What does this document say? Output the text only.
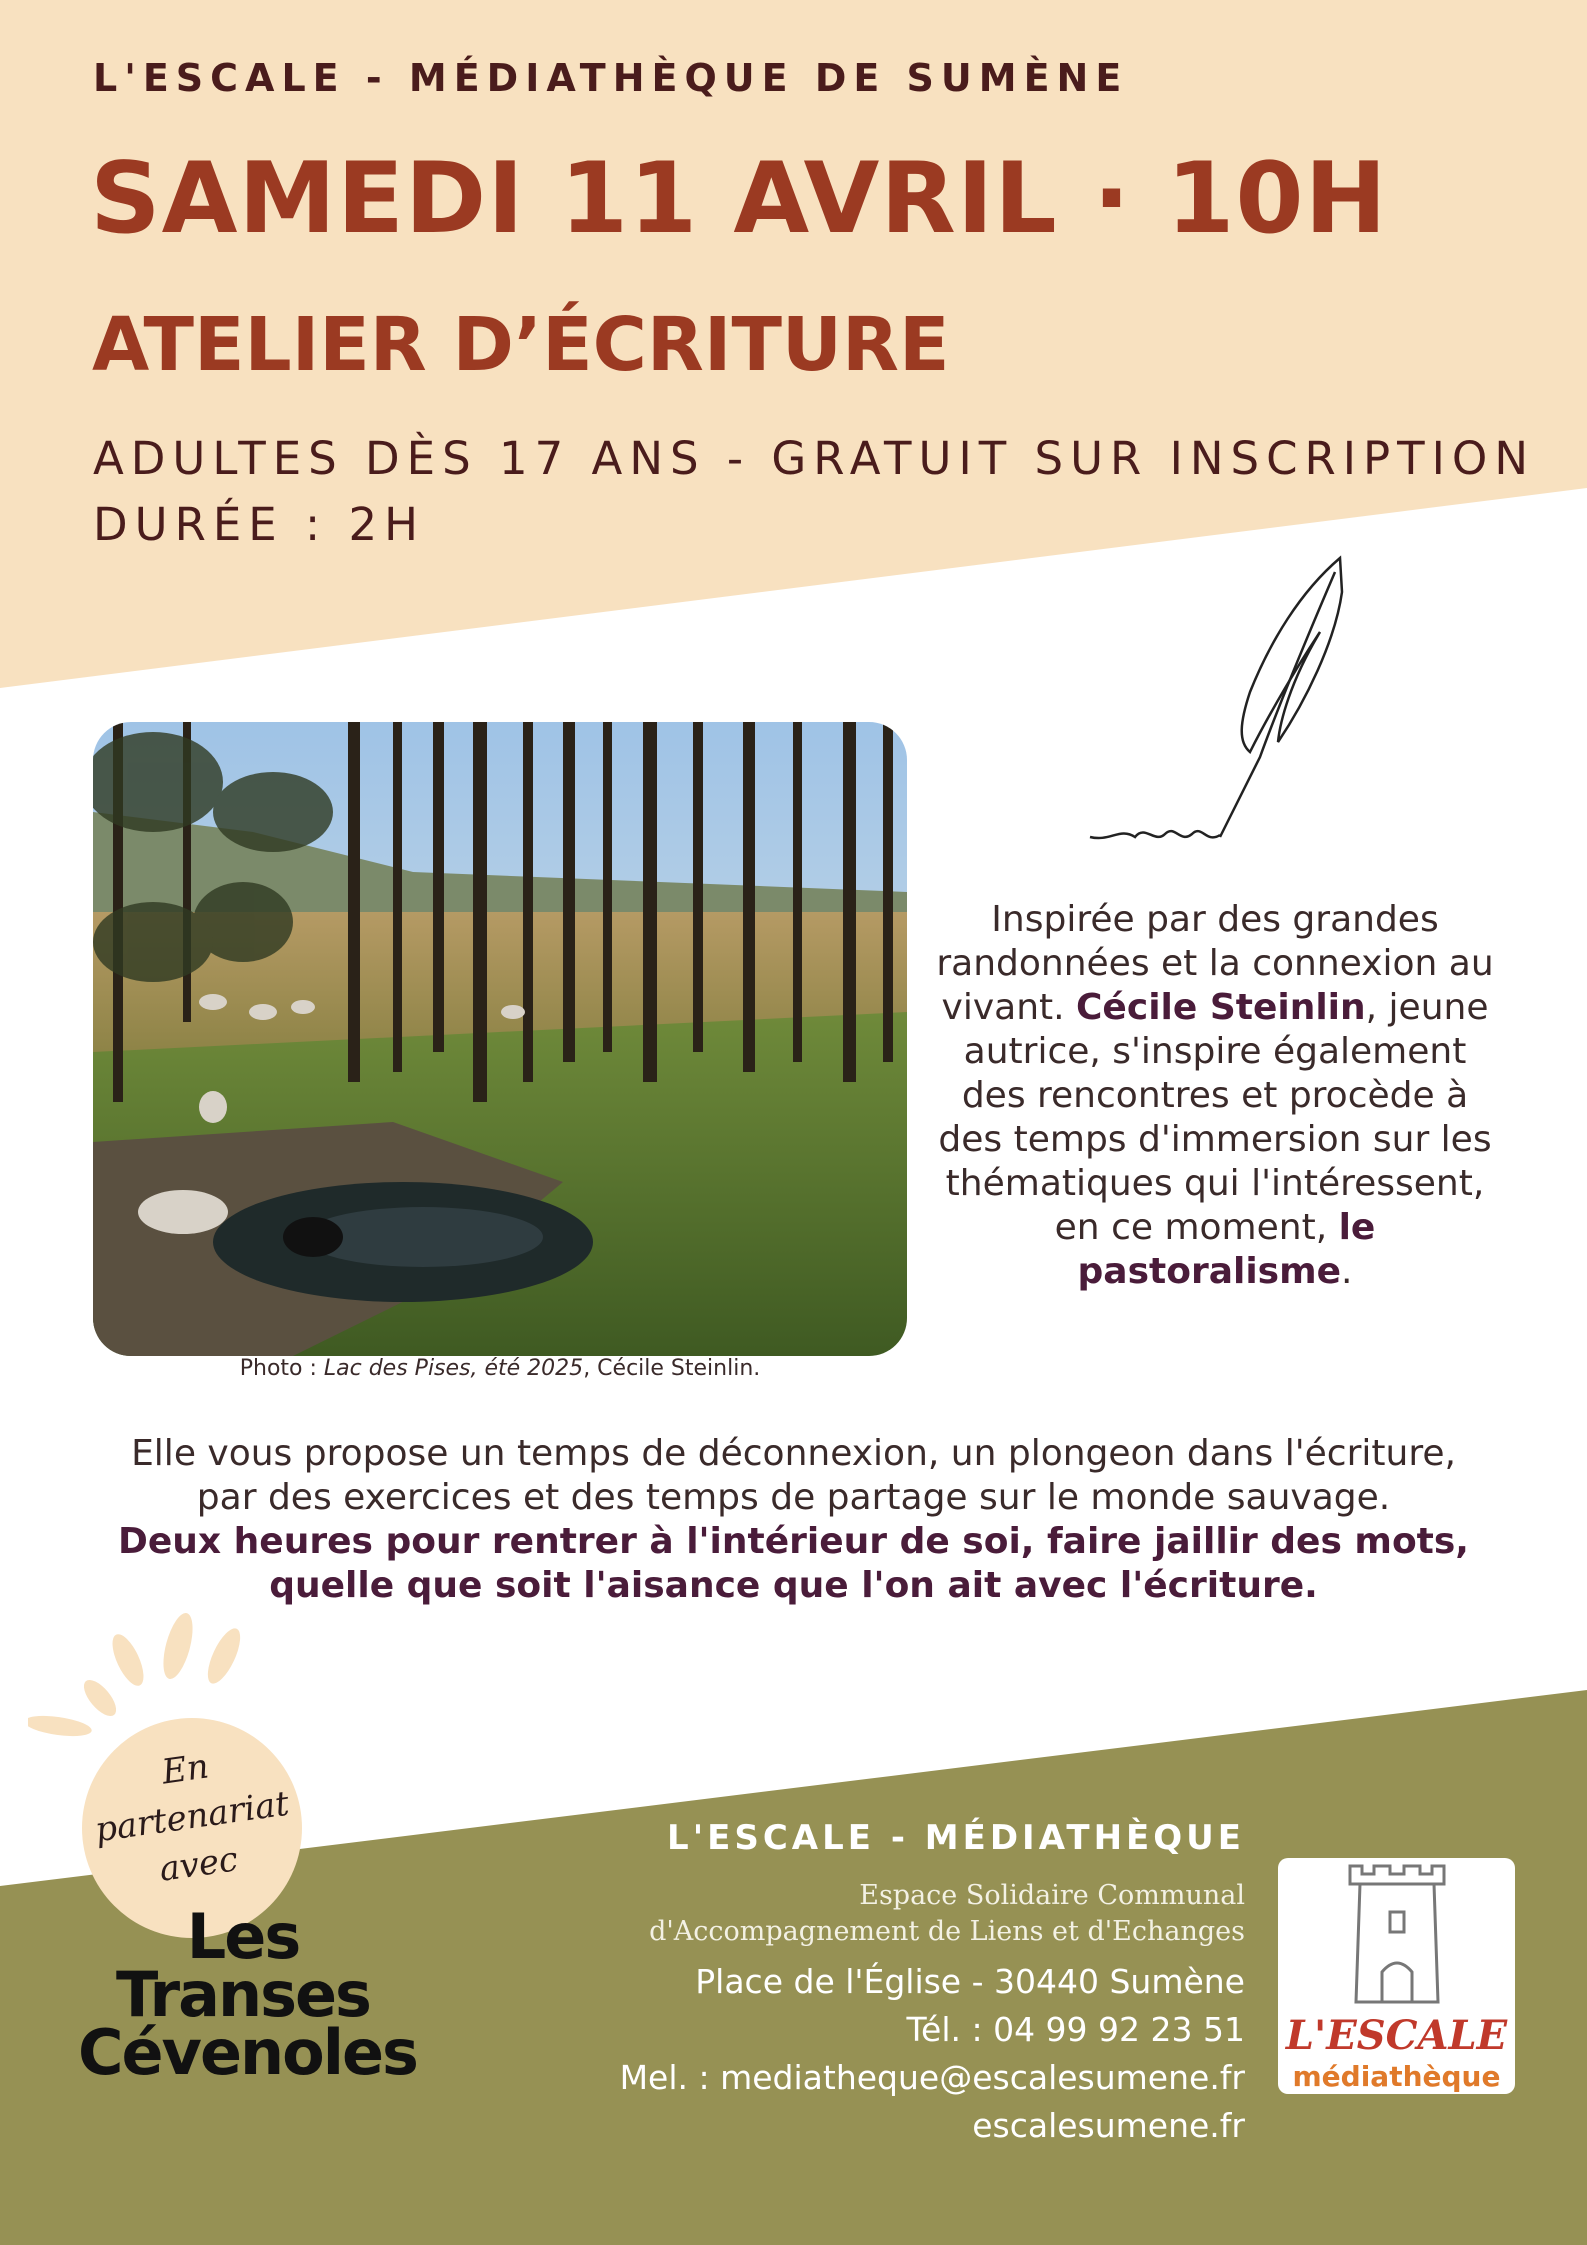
L'ESCALE - MÉDIATHÈQUE DE SUMÈNE
SAMEDI 11 AVRIL · 10H
ATELIER D’ÉCRITURE
ADULTES DÈS 17 ANS - GRATUIT SUR INSCRIPTION
DURÉE : 2H
Photo : Lac des Pises, été 2025, Cécile Steinlin.
Inspirée par des grandes randonnées et la connexion au vivant. Cécile Steinlin, jeune autrice, s'inspire également des rencontres et procède à des temps d'immersion sur les thématiques qui l'intéressent, en ce moment, le pastoralisme.

Elle vous propose un temps de déconnexion, un plongeon dans l'écriture, par des exercices et des temps de partage sur le monde sauvage.

Deux heures pour rentrer à l'intérieur de soi, faire jaillir des mots, quelle que soit l'aisance que l'on ait avec l'écriture.

En
partenariat
avec
Les
Transes
Cévenoles
L'ESCALE - MÉDIATHÈQUE
Espace Solidaire Communal d'Accompagnement de Liens et d'Echanges
Place de l'Église - 30440 Sumène
Tél. : 04 99 92 23 51
Mel. : mediatheque@escalesumene.fr
escalesumene.fr
L'ESCALE
médiathèque
